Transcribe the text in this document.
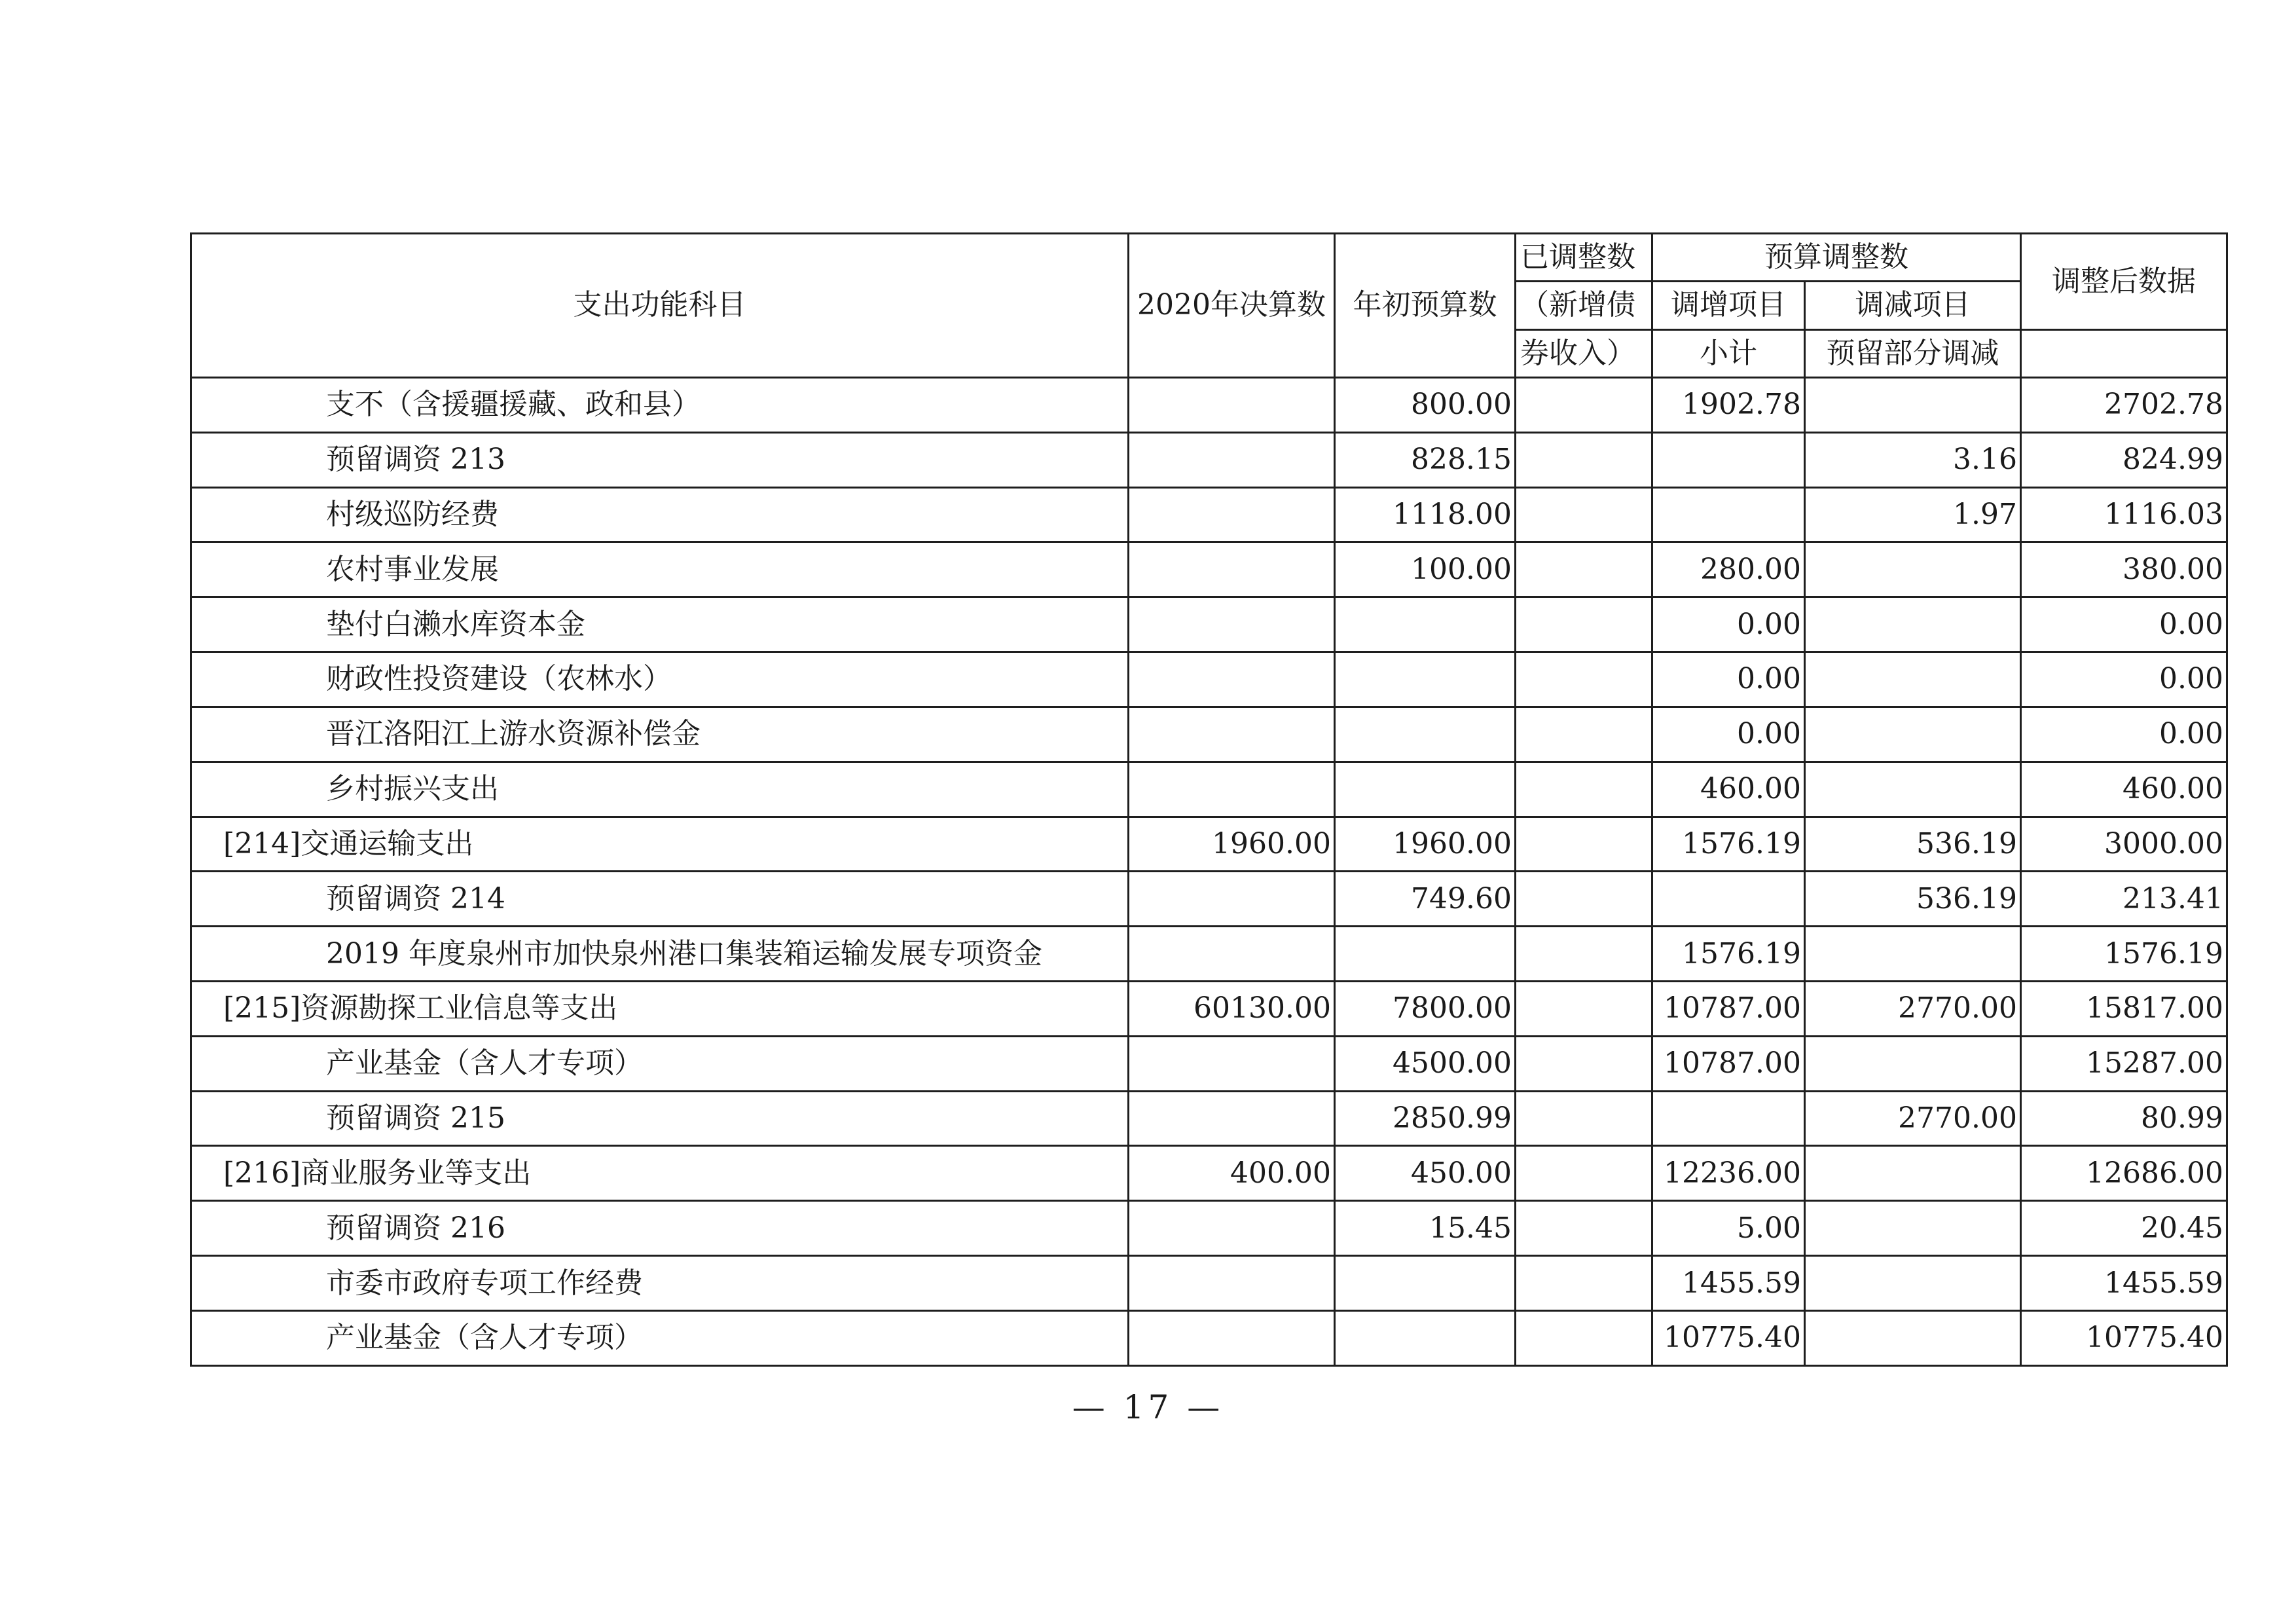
支出功能科目	2020年决算数	年初预算数	已调整数	预算调整数		调整后数据
			（新增债	调增项目	调减项目	
			券收入）	小计	预留部分调减	
支不（含援疆援藏、政和县）		800.00		1902.78		2702.78
预留调资 213		828.15			3.16	824.99
村级巡防经费		1118.00			1.97	1116.03
农村事业发展		100.00		280.00		380.00
垫付白濑水库资本金				0.00		0.00
财政性投资建设（农林水）				0.00		0.00
晋江洛阳江上游水资源补偿金				0.00		0.00
乡村振兴支出				460.00		460.00
[214]交通运输支出	1960.00	1960.00		1576.19	536.19	3000.00
预留调资 214		749.60			536.19	213.41
2019 年度泉州市加快泉州港口集装箱运输发展专项资金				1576.19		1576.19
[215]资源勘探工业信息等支出	60130.00	7800.00		10787.00	2770.00	15817.00
产业基金（含人才专项）		4500.00		10787.00		15287.00
预留调资 215		2850.99			2770.00	80.99
[216]商业服务业等支出	400.00	450.00		12236.00		12686.00
预留调资 216		15.45		5.00		20.45
市委市政府专项工作经费				1455.59		1455.59
产业基金（含人才专项）				10775.40		10775.40
— 17 —
